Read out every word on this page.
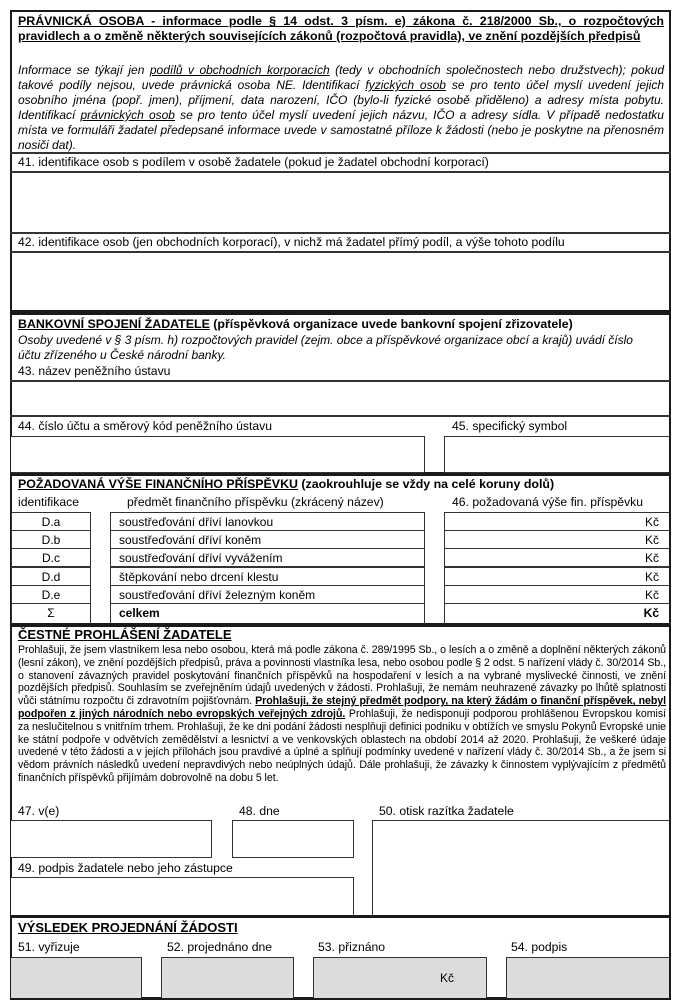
PRÁVNICKÁ OSOBA - informace podle § 14 odst. 3 písm. e) zákona č. 218/2000 Sb., o rozpočtových pravidlech a o změně některých souvisejících zákonů (rozpočtová pravidla), ve znění pozdějších předpisů
Informace se týkají jen podílů v obchodních korporacích (tedy v obchodních společnostech nebo družstvech); pokud takové podíly nejsou, uvede právnická osoba NE. Identifikací fyzických osob se pro tento účel myslí uvedení jejich osobního jména (popř. jmen), příjmení, data narození, IČO (bylo-li fyzické osobě přiděleno) a adresy místa pobytu. Identifikací právnických osob se pro tento účel myslí uvedení jejich názvu, IČO a adresy sídla. V případě nedostatku místa ve formuláři žadatel předepsané informace uvede v samostatné příloze k žádosti (nebo je poskytne na přenosném nosiči dat).
41. identifikace osob s podílem v osobě žadatele (pokud je žadatel obchodní korporací)
42. identifikace osob (jen obchodních korporací), v nichž má žadatel přímý podíl, a výše tohoto podílu
BANKOVNÍ SPOJENÍ ŽADATELE (příspěvková organizace uvede bankovní spojení zřizovatele)
Osoby uvedené v § 3 písm. h) rozpočtových pravidel (zejm. obce a příspěvkové organizace obcí a krajů) uvádí číslo účtu zřízeného u České národní banky.
43. název peněžního ústavu
44. číslo účtu a směrový kód peněžního ústavu	45. specifický symbol
POŽADOVANÁ VÝŠE FINANČNÍHO PŘÍSPĚVKU (zaokrouhluje se vždy na celé koruny dolů)
identifikace	předmět finančního příspěvku (zkrácený název)	46. požadovaná výše fin. příspěvku
D.a	soustřeďování dříví lanovkou	Kč
D.b	soustřeďování dříví koněm	Kč
D.c	soustřeďování dříví vyvážením	Kč
D.d	štěpkování nebo drcení klestu	Kč
D.e	soustřeďování dříví železným koněm	Kč
Σ	celkem	Kč
ČESTNÉ PROHLÁŠENÍ ŽADATELE
Prohlašuji, že jsem vlastníkem lesa nebo osobou, která má podle zákona č. 289/1995 Sb., o lesích a o změně a doplnění některých zákonů (lesní zákon), ve znění pozdějších předpisů, práva a povinnosti vlastníka lesa, nebo osobou podle § 2 odst. 5 nařízení vlády č. 30/2014 Sb., o stanovení závazných pravidel poskytování finančních příspěvků na hospodaření v lesích a na vybrané myslivecké činnosti, ve znění pozdějších předpisů. Souhlasím se zveřejněním údajů uvedených v žádosti. Prohlašuji, že nemám neuhrazené závazky po lhůtě splatnosti vůči státnímu rozpočtu či zdravotním pojišťovnám. Prohlašuji, že stejný předmět podpory, na který žádám o finanční příspěvek, nebyl podpořen z jiných národních nebo evropských veřejných zdrojů. Prohlašuji, že nedisponuji podporou prohlášenou Evropskou komisí za neslučitelnou s vnitřním trhem. Prohlašuji, že ke dni podání žádosti nesplňuji definici podniku v obtížích ve smyslu Pokynů Evropské unie ke státní podpoře v odvětvích zemědělství a lesnictví a ve venkovských oblastech na období 2014 až 2020. Prohlašuji, že veškeré údaje uvedené v této žádosti a v jejích přílohách jsou pravdivé a úplné a splňují podmínky uvedené v nařízení vlády č. 30/2014 Sb., a že jsem si vědom právních následků uvedení nepravdivých nebo neúplných údajů. Dále prohlašuji, že závazky k činnostem vyplývajícím z předmětů finančních příspěvků přijímám dobrovolně na dobu 5 let.
47. v(e)	48. dne	50. otisk razítka žadatele
49. podpis žadatele nebo jeho zástupce
VÝSLEDEK PROJEDNÁNÍ ŽÁDOSTI
51. vyřizuje	52. projednáno dne	53. přiznáno	54. podpis
Kč
